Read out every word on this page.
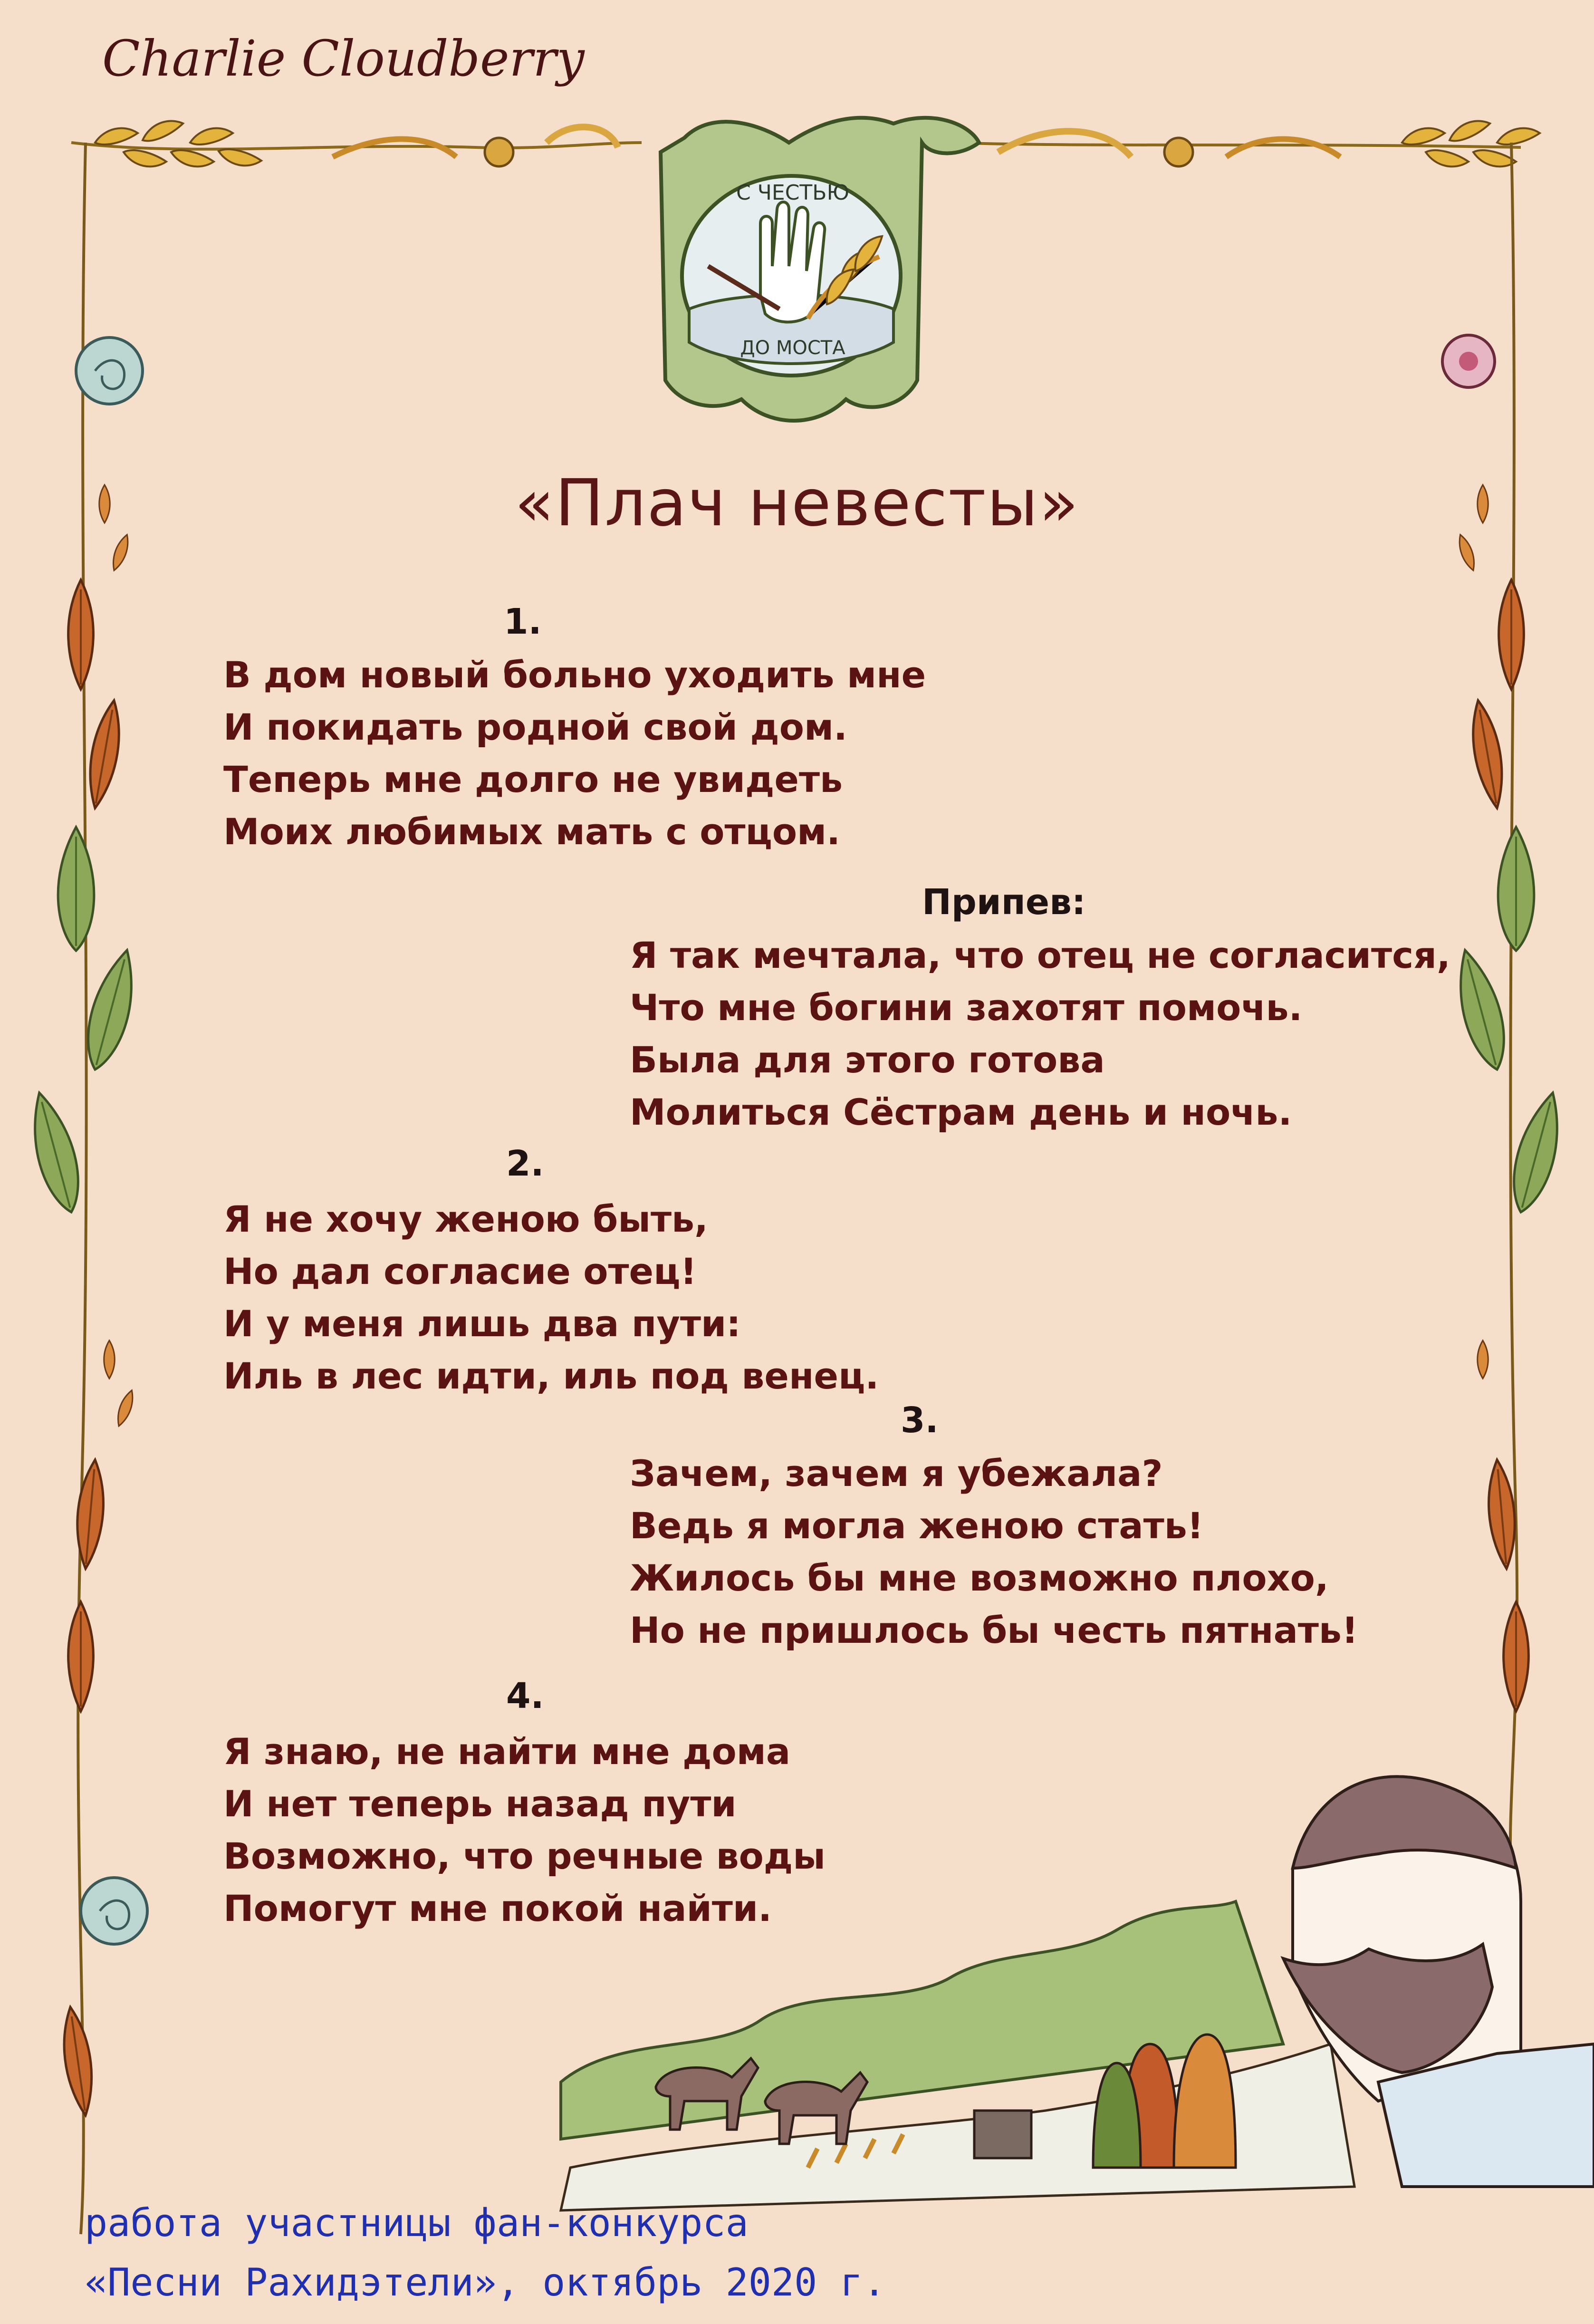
Charlie Cloudberry
С ЧЕСТЬЮ
ДО МОСТА
«Плач невесты»
1.
В дом новый больно уходить мне
И покидать родной свой дом.
Теперь мне долго не увидеть
Моих любимых мать с отцом.
Припев:
Я так мечтала, что отец не согласится,
Что мне богини захотят помочь.
Была для этого готова
Молиться Сёстрам день и ночь.
2.
Я не хочу женою быть,
Но дал согласие отец!
И у меня лишь два пути:
Иль в лес идти, иль под венец.
3.
Зачем, зачем я убежала?
Ведь я могла женою стать!
Жилось бы мне возможно плохо,
Но не пришлось бы честь пятнать!
4.
Я знаю, не найти мне дома
И нет теперь назад пути
Возможно, что речные воды
Помогут мне покой найти.
работа участницы фан-конкурса
«Песни Рахидэтели», октябрь 2020 г.
